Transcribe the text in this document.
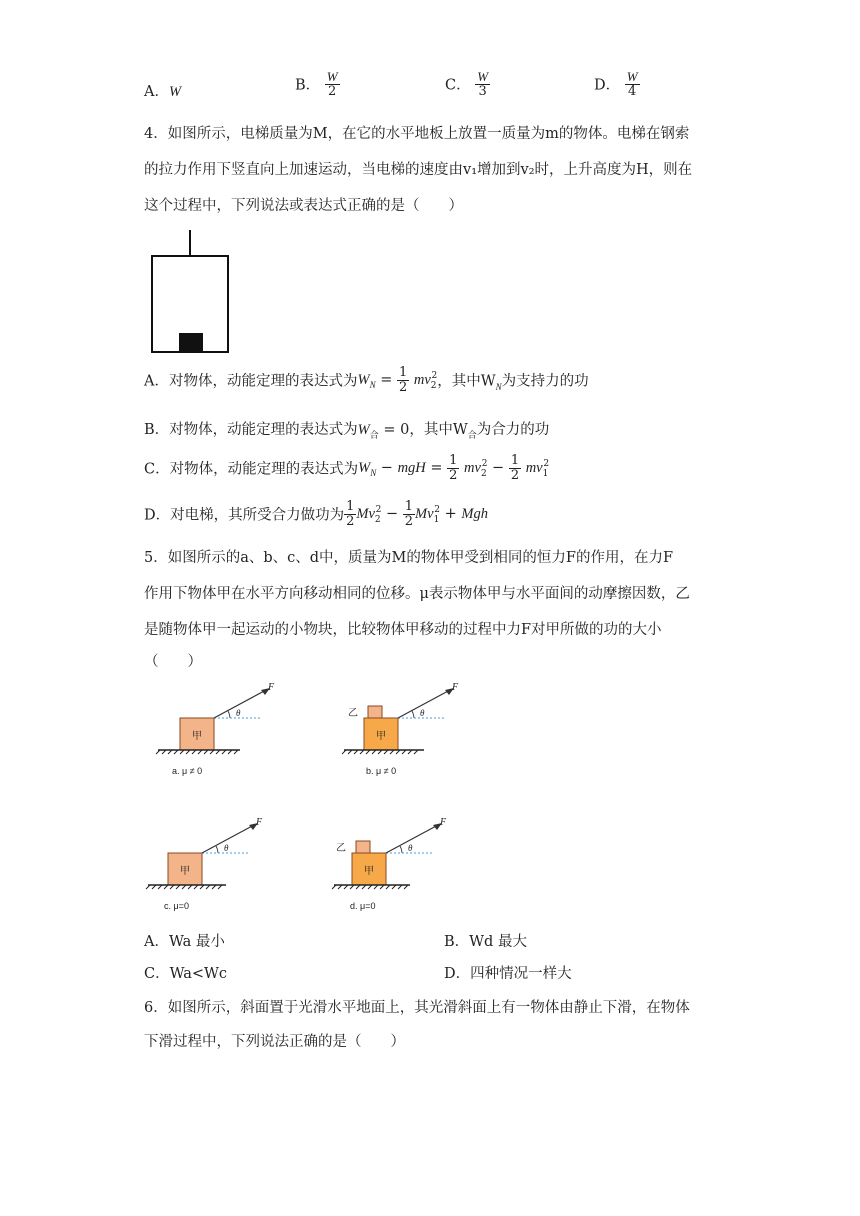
A．W	B． $\frac{W}{2}$	C． $\frac{W}{3}$	D． $\frac{W}{4}$
4．如图所示，电梯质量为M，在它的水平地板上放置一质量为m的物体。电梯在钢索
的拉力作用下竖直向上加速运动，当电梯的速度由v₁增加到v₂时，上升高度为H，则在
这个过程中，下列说法或表达式正确的是（　　）
A．对物体，动能定理的表达式为$W_N = \frac{1}{2} mv_2^2$，其中$W_N$为支持力的功
B．对物体，动能定理的表达式为$W_合 = 0$，其中$W_合$为合力的功
C．对物体，动能定理的表达式为$W_N$ − mgH = $\frac{1}{2} mv_2^2 - \frac{1}{2} mv_1^2$
D．对电梯，其所受合力做功为 $\frac{1}{2} Mv_2^2 - \frac{1}{2} Mv_1^2$ + Mgh
5．如图所示的a、b、c、d中，质量为M的物体甲受到相同的恒力F的作用，在力F
作用下物体甲在水平方向移动相同的位移。μ表示物体甲与水平面间的动摩擦因数，乙
是随物体甲一起运动的小物块，比较物体甲移动的过程中力F对甲所做的功的大小
（　　）
甲
F
θ
a. μ ≠ 0
甲
乙
F
θ
b. μ ≠ 0
甲
F
θ
c. μ=0
甲
乙
F
θ
d. μ=0
A．Wa 最小	B．Wd 最大
C．Wa<Wc	D．四种情况一样大
6．如图所示，斜面置于光滑水平地面上，其光滑斜面上有一物体由静止下滑，在物体
下滑过程中，下列说法正确的是（　　）
